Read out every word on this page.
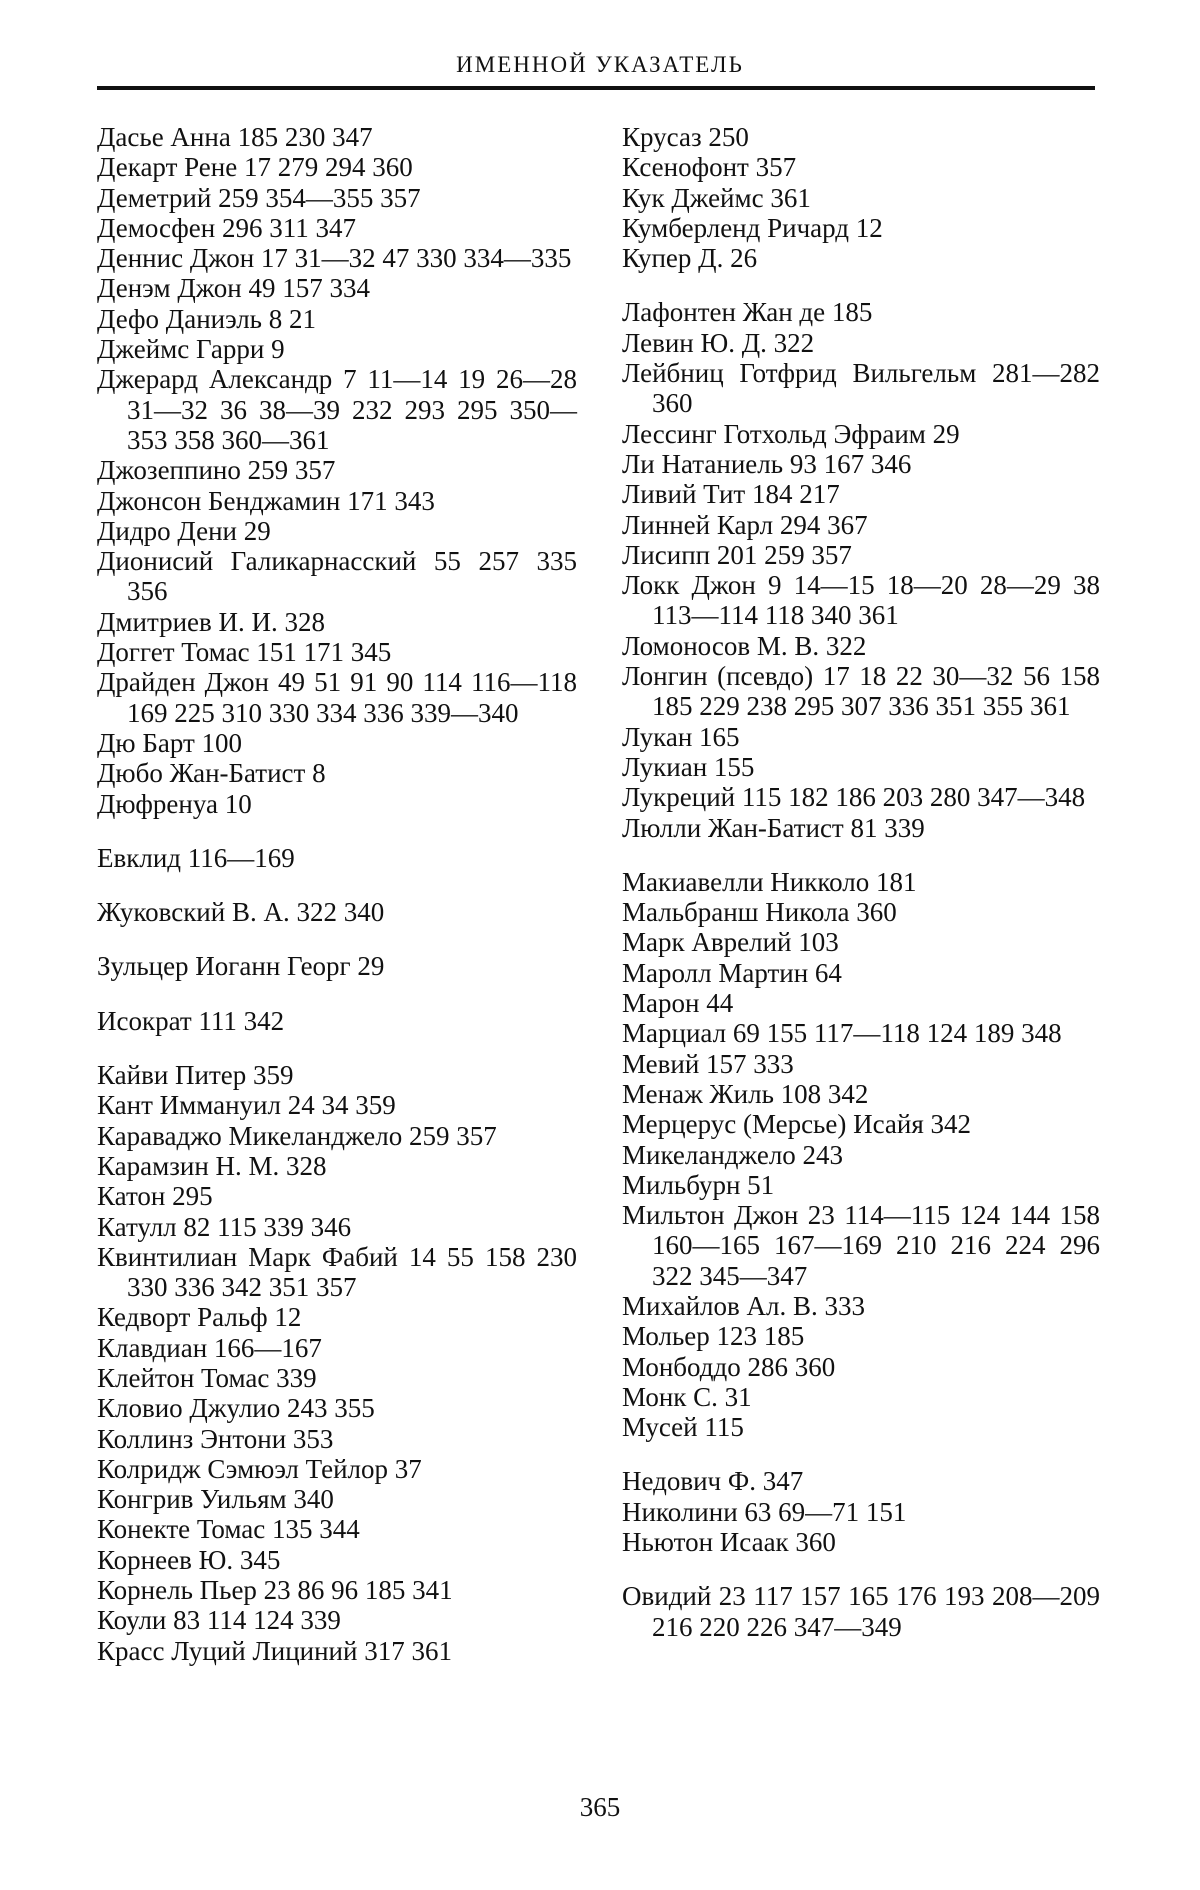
ИМЕННОЙ УКАЗАТЕЛЬ
Дасье Анна 185 230 347
Декарт Рене 17 279 294 360
Деметрий 259 354—355 357
Демосфен 296 311 347
Деннис Джон 17 31—32 47 330 334—335
Денэм Джон 49 157 334
Дефо Даниэль 8 21
Джеймс Гарри 9
Джерард Александр 7 11—14 19 26—28 31—32 36 38—39 232 293 295 350—353 358 360—361
Джозеппино 259 357
Джонсон Бенджамин 171 343
Дидро Дени 29
Дионисий Галикарнасский 55 257 335 356
Дмитриев И. И. 328
Доггет Томас 151 171 345
Драйден Джон 49 51 91 90 114 116—118 169 225 310 330 334 336 339—340
Дю Барт 100
Дюбо Жан-Батист 8
Дюфренуа 10
Евклид 116—169
Жуковский В. А. 322 340
Зульцер Иоганн Георг 29
Исократ 111 342
Кайви Питер 359
Кант Иммануил 24 34 359
Караваджо Микеланджело 259 357
Карамзин Н. М. 328
Катон 295
Катулл 82 115 339 346
Квинтилиан Марк Фабий 14 55 158 230 330 336 342 351 357
Кедворт Ральф 12
Клавдиан 166—167
Клейтон Томас 339
Кловио Джулио 243 355
Коллинз Энтони 353
Колридж Сэмюэл Тейлор 37
Конгрив Уильям 340
Конекте Томас 135 344
Корнеев Ю. 345
Корнель Пьер 23 86 96 185 341
Коули 83 114 124 339
Красс Луций Лициний 317 361
Крусаз 250
Ксенофонт 357
Кук Джеймс 361
Кумберленд Ричард 12
Купер Д. 26
Лафонтен Жан де 185
Левин Ю. Д. 322
Лейбниц Готфрид Вильгельм 281—282 360
Лессинг Готхольд Эфраим 29
Ли Натаниель 93 167 346
Ливий Тит 184 217
Линней Карл 294 367
Лисипп 201 259 357
Локк Джон 9 14—15 18—20 28—29 38 113—114 118 340 361
Ломоносов М. В. 322
Лонгин (псевдо) 17 18 22 30—32 56 158 185 229 238 295 307 336 351 355 361
Лукан 165
Лукиан 155
Лукреций 115 182 186 203 280 347—348
Люлли Жан-Батист 81 339
Макиавелли Никколо 181
Мальбранш Никола 360
Марк Аврелий 103
Маролл Мартин 64
Марон 44
Марциал 69 155 117—118 124 189 348
Мевий 157 333
Менаж Жиль 108 342
Мерцерус (Мерсье) Исайя 342
Микеланджело 243
Мильбурн 51
Мильтон Джон 23 114—115 124 144 158 160—165 167—169 210 216 224 296 322 345—347
Михайлов Ал. В. 333
Мольер 123 185
Монбоддо 286 360
Монк С. 31
Мусей 115
Недович Ф. 347
Николини 63 69—71 151
Ньютон Исаак 360
Овидий 23 117 157 165 176 193 208—209 216 220 226 347—349
365
